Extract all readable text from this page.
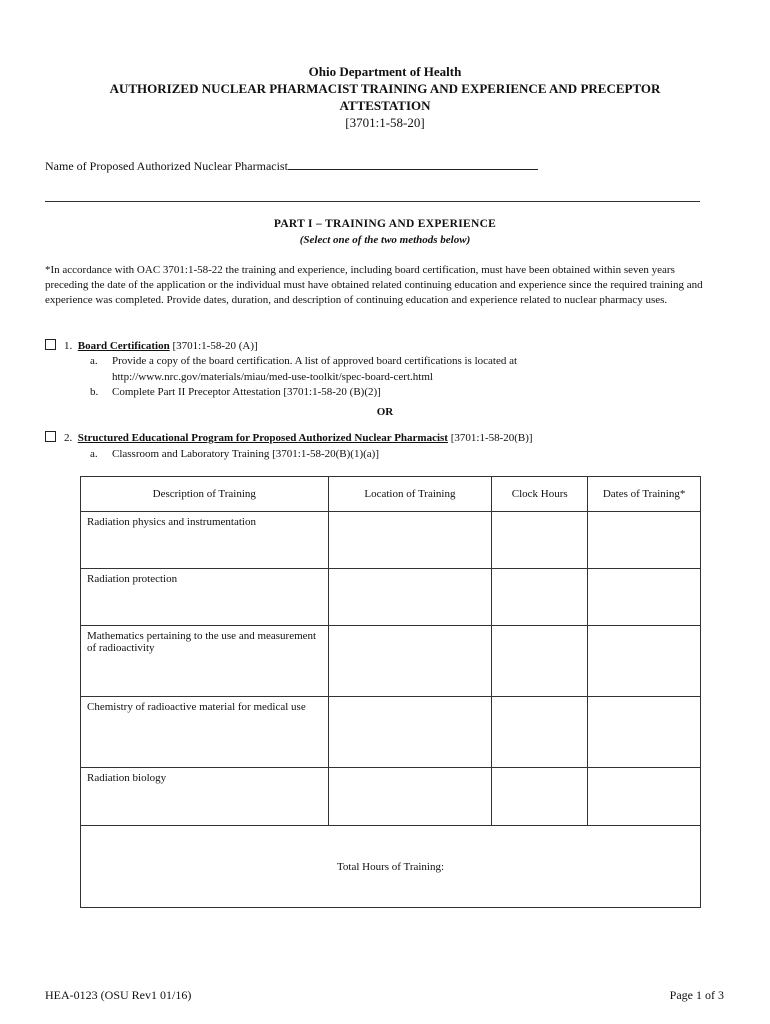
Ohio Department of Health
AUTHORIZED NUCLEAR PHARMACIST TRAINING AND EXPERIENCE AND PRECEPTOR
ATTESTATION
[3701:1-58-20]
Name of Proposed Authorized Nuclear Pharmacist
PART I – TRAINING AND EXPERIENCE
(Select one of the two methods below)
*In accordance with OAC 3701:1-58-22 the training and experience, including board certification, must have been obtained within seven years preceding the date of the application or the individual must have obtained related continuing education and experience since the required training and experience was completed. Provide dates, duration, and description of continuing education and experience related to nuclear pharmacy uses.
1. Board Certification [3701:1-58-20 (A)]
a. Provide a copy of the board certification. A list of approved board certifications is located at
http://www.nrc.gov/materials/miau/med-use-toolkit/spec-board-cert.html
b. Complete Part II Preceptor Attestation [3701:1-58-20 (B)(2)]
OR
2. Structured Educational Program for Proposed Authorized Nuclear Pharmacist [3701:1-58-20(B)]
a. Classroom and Laboratory Training [3701:1-58-20(B)(1)(a)]
Description of Training	Location of Training	Clock Hours	Dates of Training*
Radiation physics and instrumentation			
Radiation protection			
Mathematics pertaining to the use and measurement of radioactivity			
Chemistry of radioactive material for medical use			
Radiation biology			
Total Hours of Training:			
HEA-0123 (OSU Rev1 01/16)	Page 1 of 3
